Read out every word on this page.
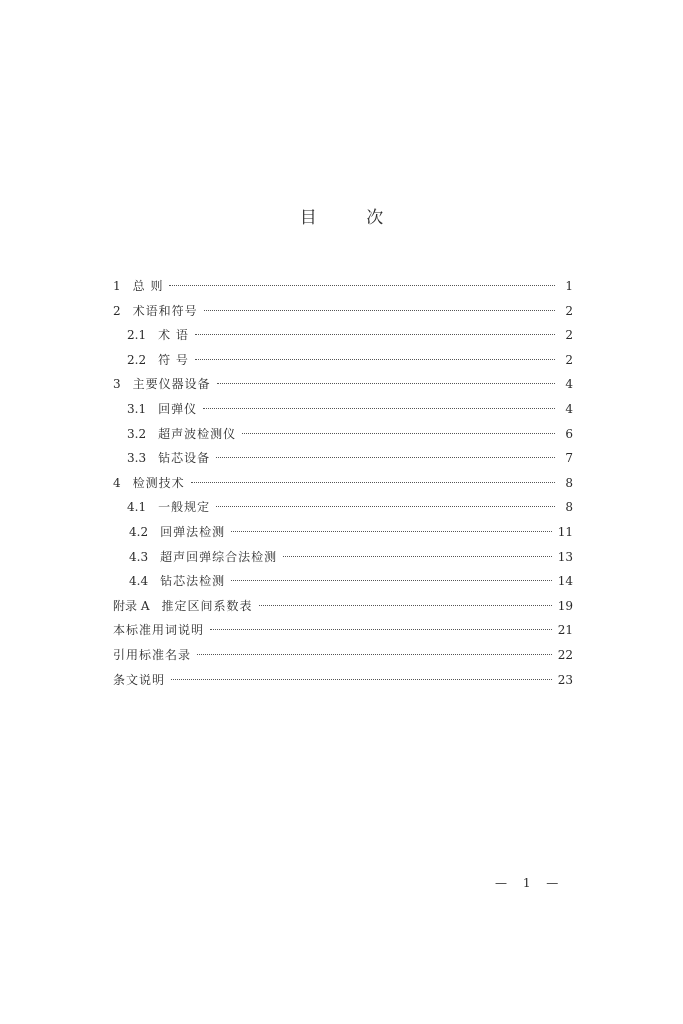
目 次
1 总 则	1
2 术语和符号	2
2.1 术 语	2
2.2 符 号	2
3 主要仪器设备	4
3.1 回弹仪	4
3.2 超声波检测仪	6
3.3 钻芯设备	7
4 检测技术	8
4.1 一般规定	8
4.2 回弹法检测	11
4.3 超声回弹综合法检测	13
4.4 钻芯法检测	14
附录 A 推定区间系数表	19
本标准用词说明	21
引用标准名录	22
条文说明	23
— 1 —
